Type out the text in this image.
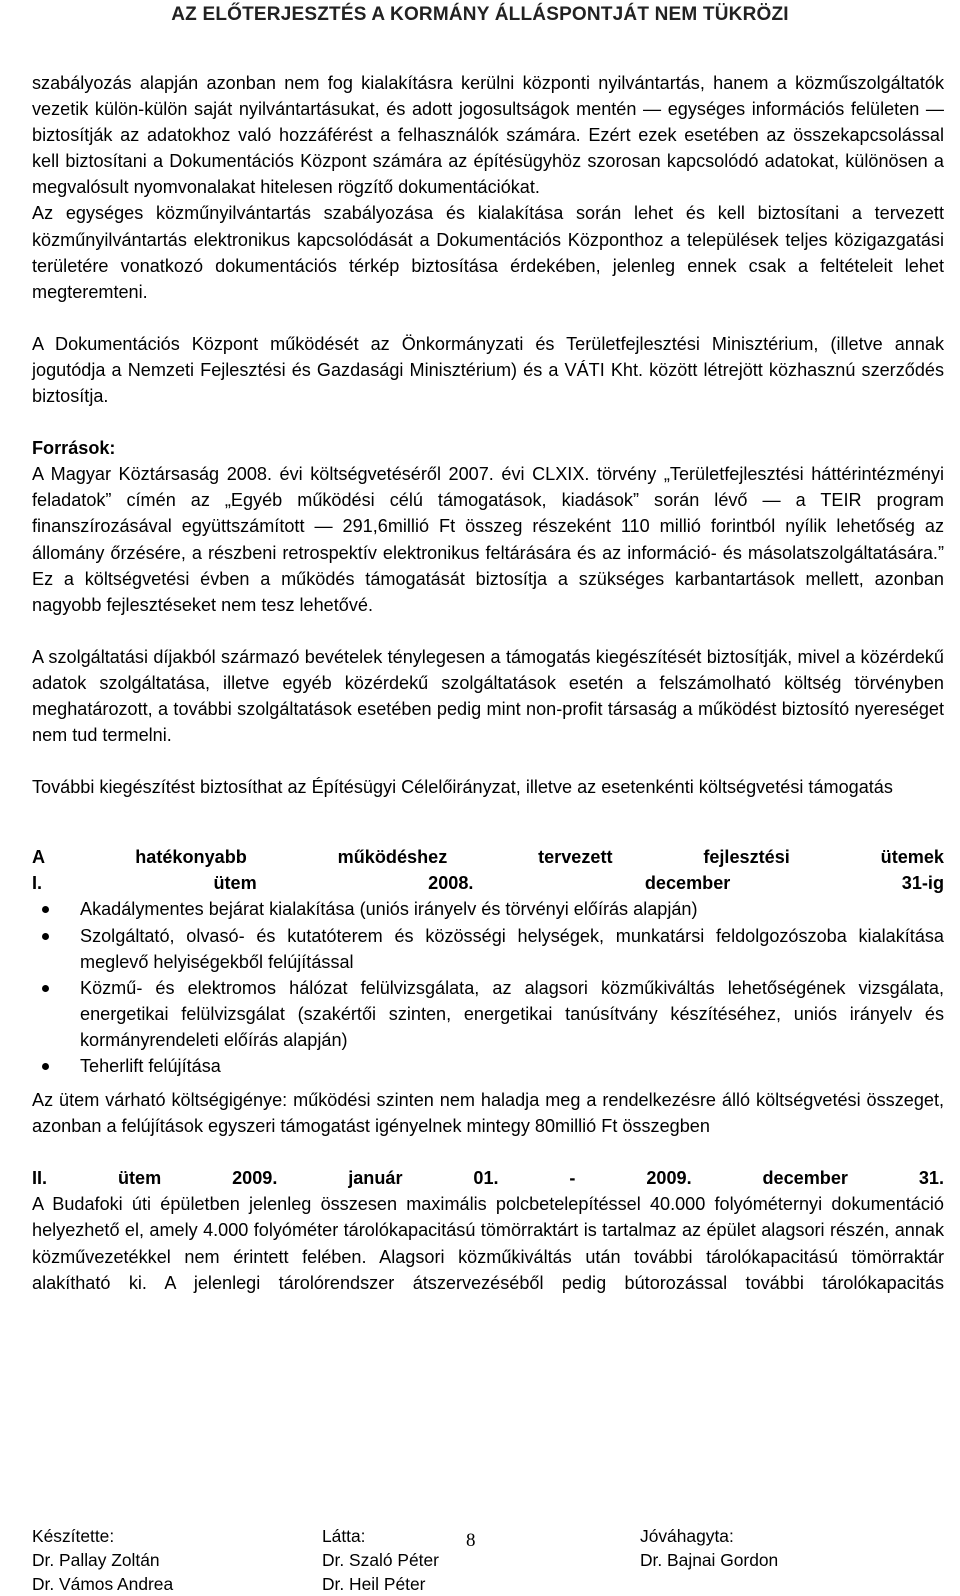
AZ ELŐTERJESZTÉS A KORMÁNY ÁLLÁSPONTJÁT NEM TÜKRÖZI

szabályozás alapján azonban nem fog kialakításra kerülni központi nyilvántartás, hanem a közműszolgáltatók vezetik külön-külön saját nyilvántartásukat, és adott jogosultságok mentén — egységes információs felületen — biztosítják az adatokhoz való hozzáférést a felhasználók számára. Ezért ezek esetében az összekapcsolással kell biztosítani a Dokumentációs Központ számára az építésügyhöz szorosan kapcsolódó adatokat, különösen a megvalósult nyomvonalakat hitelesen rögzítő dokumentációkat.

Az egységes közműnyilvántartás szabályozása és kialakítása során lehet és kell biztosítani a tervezett közműnyilvántartás elektronikus kapcsolódását a Dokumentációs Központhoz a települések teljes közigazgatási területére vonatkozó dokumentációs térkép biztosítása érdekében, jelenleg ennek csak a feltételeit lehet megteremteni.

A Dokumentációs Központ működését az Önkormányzati és Területfejlesztési Minisztérium, (illetve annak jogutódja a Nemzeti Fejlesztési és Gazdasági Minisztérium) és a VÁTI Kht. között létrejött közhasznú szerződés biztosítja.

Források:

A Magyar Köztársaság 2008. évi költségvetéséről 2007. évi CLXIX. törvény „Területfejlesztési háttérintézményi feladatok” címén az „Egyéb működési célú támogatások, kiadások” során lévő — a TEIR program finanszírozásával együttszámított — 291,6millió Ft összeg részeként 110 millió forintból nyílik lehetőség az állomány őrzésére, a részbeni retrospektív elektronikus feltárására és az információ- és másolatszolgáltatására.” Ez a költségvetési évben a működés támogatását biztosítja a szükséges karbantartások mellett, azonban nagyobb fejlesztéseket nem tesz lehetővé.

A szolgáltatási díjakból származó bevételek ténylegesen a támogatás kiegészítését biztosítják, mivel a közérdekű adatok szolgáltatása, illetve egyéb közérdekű szolgáltatások esetén a felszámolható költség törvényben meghatározott, a további szolgáltatások esetében pedig mint non-profit társaság a működést biztosító nyereséget nem tud termelni.

További kiegészítést biztosíthat az Építésügyi Célelőirányzat, illetve az esetenkénti költségvetési támogatás

A hatékonyabb működéshez tervezett fejlesztési ütemek

I. ütem 2008. december 31-ig

Akadálymentes bejárat kialakítása (uniós irányelv és törvényi előírás alapján)
Szolgáltató, olvasó- és kutatóterem és közösségi helységek, munkatársi feldolgozószoba kialakítása meglevő helyiségekből felújítással
Közmű- és elektromos hálózat felülvizsgálata, az alagsori közműkiváltás lehetőségének vizsgálata, energetikai felülvizsgálat (szakértői szinten, energetikai tanúsítvány készítéséhez, uniós irányelv és kormányrendeleti előírás alapján)
Teherlift felújítása

Az ütem várható költségigénye: működési szinten nem haladja meg a rendelkezésre álló költségvetési összeget, azonban a felújítások egyszeri támogatást igényelnek mintegy 80millió Ft összegben

II. ütem 2009. január 01. - 2009. december 31.

A Budafoki úti épületben jelenleg összesen maximális polcbetelepítéssel 40.000 folyóméternyi dokumentáció helyezhető el, amely 4.000 folyóméter tárolókapacitású tömörraktárt is tartalmaz az épület alagsori részén, annak közművezetékkel nem érintett felében. Alagsori közműkiváltás után további tárolókapacitású tömörraktár alakítható ki. A jelenlegi tárolórendszer átszervezéséből pedig bútorozással további tárolókapacitás

Készítette:
Dr. Pallay Zoltán
Dr. Vámos Andrea
Látta:
Dr. Szaló Péter
Dr. Heil Péter
Jóváhagyta:
Dr. Bajnai Gordon
8
